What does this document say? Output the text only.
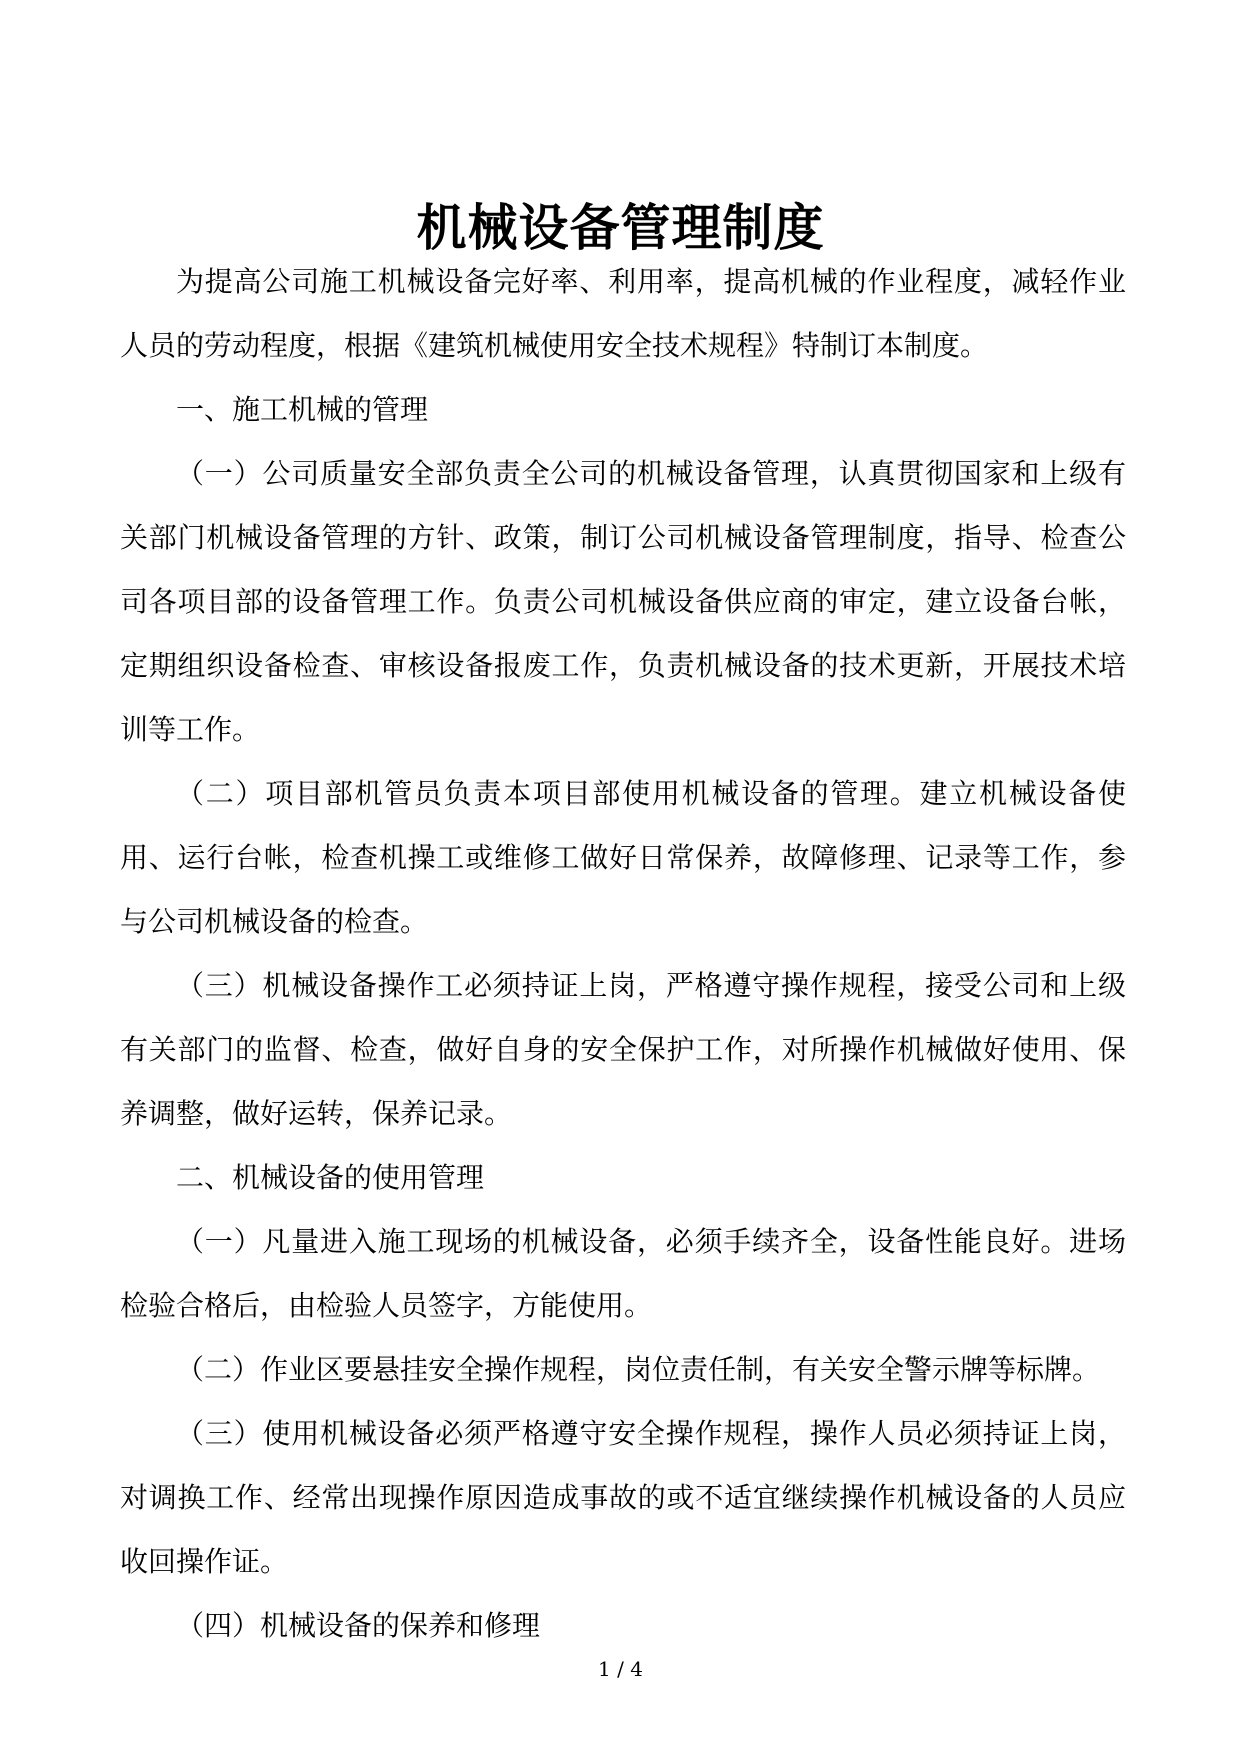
机械设备管理制度

为提高公司施工机械设备完好率、利用率，提高机械的作业程度，减轻作业人员的劳动程度，根据《建筑机械使用安全技术规程》特制订本制度。

一、施工机械的管理

（一）公司质量安全部负责全公司的机械设备管理，认真贯彻国家和上级有关部门机械设备管理的方针、政策，制订公司机械设备管理制度，指导、检查公司各项目部的设备管理工作。负责公司机械设备供应商的审定，建立设备台帐，定期组织设备检查、审核设备报废工作，负责机械设备的技术更新，开展技术培训等工作。

（二）项目部机管员负责本项目部使用机械设备的管理。建立机械设备使用、运行台帐，检查机操工或维修工做好日常保养，故障修理、记录等工作，参与公司机械设备的检查。

（三）机械设备操作工必须持证上岗，严格遵守操作规程，接受公司和上级有关部门的监督、检查，做好自身的安全保护工作，对所操作机械做好使用、保养调整，做好运转，保养记录。

二、机械设备的使用管理

（一）凡量进入施工现场的机械设备，必须手续齐全，设备性能良好。进场检验合格后，由检验人员签字，方能使用。

（二）作业区要悬挂安全操作规程，岗位责任制，有关安全警示牌等标牌。

（三）使用机械设备必须严格遵守安全操作规程，操作人员必须持证上岗，对调换工作、经常出现操作原因造成事故的或不适宜继续操作机械设备的人员应收回操作证。

（四）机械设备的保养和修理

1 / 4
